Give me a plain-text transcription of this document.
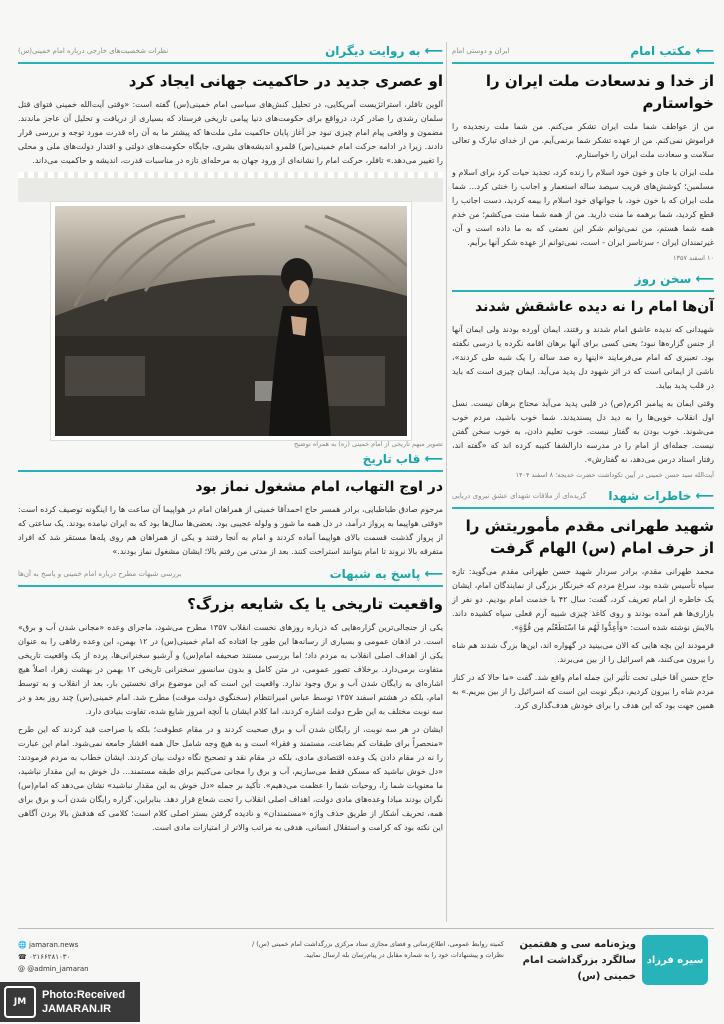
⟵
مکتب امام
ایران و دوستی امام
از خدا و ندسعادت ملت ایران را خواستارم

من از عواطف شما ملت ایران تشکر می‌کنم. من شما ملت رنجدیده را فراموش نمی‌کنم. من از عهده تشکر شما برنمی‌آیم. من از خدای تبارک و تعالی سلامت و سعادت ملت ایران را خواستارم.

ملت ایران با جان و خون خود اسلام را زنده کرد، تجدید حیات کرد برای اسلام و مسلمین؛ کوشش‌های قریب سیصد ساله استعمار و اجانب را خنثی کرد... شما ملت ایران که با خون خود، با جوانهای خود اسلام را بیمه کردید، دست اجانب را قطع کردید، شما برهمه ما منت دارید. من از همه شما منت می‌کشم؛ من خدم همه شما هستم، من نمی‌توانم شکر این نعمتی که به ما داده است و آن، غیرتمندان ایران - سرتاسر ایران - است، نمی‌توانم از عهده شکر آنها برآیم.

۱۰ اسفند ۱۳۵۷
⟵
سخن روز
آن‌ها امام را نه دیده عاشقش شدند

شهیدانی که ندیده عاشق امام شدند و رفتند، ایمان آورده بودند ولی ایمان آنها از جنس گزاره‌ها نبود؛ یعنی کسی برای آنها برهان اقامه نکرده یا درسی نگفته بود. تعبیری که امام می‌فرمایند «اینها ره صد ساله را یک شبه طی کردند»، ناشی از ایمانی است که در اثر شهود دل پدید می‌آید. ایمان چیزی است که باید در قلب پدید بیاید.

وقتی ایمان به پیامبر اکرم(ص) در قلبی پدید می‌آید محتاج برهان نیست. نسل اول انقلاب خوبی‌ها را به دید دل پسندیدند. شما خوب باشید، مردم خوب می‌شوند. خوب بودن به گفتار نیست. خوب تعلیم دادن، به خوب سخن گفتن نیست. جمله‌ای از امام را در مدرسه دارالشفا کتیبه کرده اند که «گفته اند، رفتار استاد درس می‌دهد، نه گفتارش».

آیت‌الله سید حسن خمینی در آیین تکوداشت حضرت خدیجه؛ ۸ اسفند ۱۴۰۴
⟵
خاطرات شهدا
گزیده‌ای از ملاقات شهدای عشق نیروی دریایی
شهید طهرانی مقدم مأموریتش را از حرف امام (س) الهام گرفت

محمد طهرانی مقدم، برادر سردار شهید حسن طهرانی مقدم می‌گوید: تازه سپاه تأسیس شده بود، سراغ مردم که خبرنگار بزرگی از نمایندگان امام، ایشان یک خاطره از امام تعریف کرد، گفت: سال ۴۲ با خدمت امام بودیم. دو نفر از بازاری‌ها هم آمده بودند و روی کاغذ چیزی شبیه آرم فعلی سپاه کشیده داند. بالایش نوشته شده است: «وَأَعِدُّوا لَهُم مَا اسْتَطَعْتُم مِن قُوَّةٍ».

فرمودند این بچه هایی که الان می‌بینید در گهواره اند، این‌ها بزرگ شدند هم شاه را بیرون می‌کنند، هم اسرائیل را از بین می‌برند.

حاج حسن آقا خیلی تحت تأثیر این جمله امام واقع شد. گفت «ما حالا که در کنار مردم شاه را بیرون کردیم، دیگر نوبت این است که اسرائیل را از بین ببریم.» به همین جهت بود که این هدف را برای خودش هدف‌گذاری کرد.

⟵
به روایت دیگران
نظرات شخصیت‌های خارجی درباره امام خمینی(س)
او عصری جدید در حاکمیت جهانی ایجاد کرد

آلوین تافلر، استراتژیست آمریکایی، در تحلیل کنش‌های سیاسی امام خمینی(س) گفته است: «وقتی آیت‌الله خمینی فتوای قتل سلمان رشدی را صادر کرد، درواقع برای حکومت‌های دنیا پیامی تاریخی فرستاد که بسیاری از دریافت و تحلیل آن عاجز ماندند. مضمون و واقعی پیام امام چیزی نبود جز آغاز پایان حاکمیت ملی ملت‌ها که پیشتر ما به آن راه قدرت مورد توجه و بررسی قرار دادند. زیرا در ادامه حرکت امام خمینی(س) قلمرو اندیشه‌های بشری، جایگاه حکومت‌های دولتی و اقتدار دولت‌های ملی و محلی را تغییر می‌دهد.» تافلر، حرکت امام را نشانه‌ای از ورود جهان به مرحله‌ای تازه در مناسبات قدرت، اندیشه و حاکمیت می‌داند.

تصویر مبهم تاریخی از امام خمینی (ره) به همراه توضیح
⟵
قاب تاریخ
در اوج التهاب، امام مشغول نماز بود

مرحوم صادق طباطبایی، برادر همسر حاج احمدآقا خمینی از همراهان امام در هواپیما آن ساعت ها را اینگونه توصیف کرده است: «وقتی هواپیما به پرواز درآمد، در دل همه ما شور و ولوله عجیبی بود. بعضی‌ها سال‌ها بود که به ایران نیامده بودند. یک ساعتی که از پرواز گذشت قسمت بالای هواپیما آماده کردند و امام به آنجا رفتند و یکی از همراهان هم روی پله‌ها مستقر شد که افراد متفرقه بالا نروند تا امام بتوانند استراحت کنند. بعد از مدتی من رفتم بالا؛ ایشان مشغول نماز بودند.»

⟵
پاسخ به شبهات
بررسی شبهات مطرح درباره امام خمینی و پاسخ به آن‌ها
واقعیت تاریخی یا یک شایعه بزرگ؟

یکی از جنجالی‌ترین گزاره‌هایی که درباره روزهای نخست انقلاب ۱۳۵۷ مطرح می‌شود، ماجرای وعده «مجانی شدن آب و برق» است. در اذهان عمومی و بسیاری از رسانه‌ها این طور جا افتاده که امام خمینی(س) در ۱۲ بهمن، این وعده رفاهی را به عنوان یکی از اهداف اصلی انقلاب به مردم داد؛ اما بررسی مستند صحیفه امام(س) و آرشیو سخنرانی‌ها، پرده از یک واقعیت تاریخی متفاوت برمی‌دارد. برخلاف تصور عمومی، در متن کامل و بدون سانسور سخنرانی تاریخی ۱۲ بهمن در بهشت زهرا، اصلاً هیچ اشاره‌ای به رایگان شدن آب و برق وجود ندارد. واقعیت این است که این موضوع برای نخستین بار، بعد از انقلاب و به توسط امام، بلکه در هشتم اسفند ۱۳۵۷ توسط عباس امیرانتظام (سخنگوی دولت موقت) مطرح شد. امام خمینی(س) چند روز بعد و در سه نوبت مختلف به این طرح دولت اشاره کردند، اما کلام ایشان با آنچه امروز شایع شده، تفاوت بنیادی دارد.

ایشان در هر سه نوبت، از رایگان شدن آب و برق صحبت کردند و در مقام عطوفت؛ بلکه با صراحت قید کردند که این طرح «منحصراً برای طبقات کم بضاعت، مستمند و فقرا» است و به هیچ وجه شامل حال همه اقشار جامعه نمی‌شود. امام این عبارت را نه در مقام دادن یک وعده اقتصادی مادی، بلکه در مقام نقد و تصحیح نگاه دولت بیان کردند. ایشان خطاب به مردم فرمودند: «دل خوش نباشید که مسکن فقط می‌سازیم، آب و برق را مجانی می‌کنیم برای طبقه مستمند... دل خوش به این مقدار نباشید، ما معنویات شما را، روحیات شما را عظمت می‌دهیم». تأکید بر جمله «دل خوش به این مقدار نباشید» نشان می‌دهد که امام(س) نگران بودند مبادا وعده‌های مادی دولت، اهداف اصلی انقلاب را تحت شعاع قرار دهد. بنابراین، گزاره رایگان شدن آب و برق برای همه، تحریف آشکار از طریق حذف واژه «مستمندان» و نادیده گرفتن بستر اصلی کلام است؛ کلامی که هدفش بالا بردن آگاهی این نکته بود که کرامت و استقلال انسانی، هدفی به مراتب والاتر از امتیازات مادی است.

سیره فرزاد
ویژه‌نامه سی و هفتمین سالگرد بزرگداشت امام خمینی (س)
کمیته روابط عمومی، اطلاع‌رسانی و فضای مجازی ستاد مرکزی بزرگداشت امام خمینی (س) / نظرات و پیشنهادات خود را به شماره مقابل در پیام‌رسان بله ارسال نمایید.
🌐 jamaran.news
☎ ۰۲۱۶۶۲۸۱۰۳۰
@ @admin_jamaran
JM
Photo:Received
JAMARAN.IR
